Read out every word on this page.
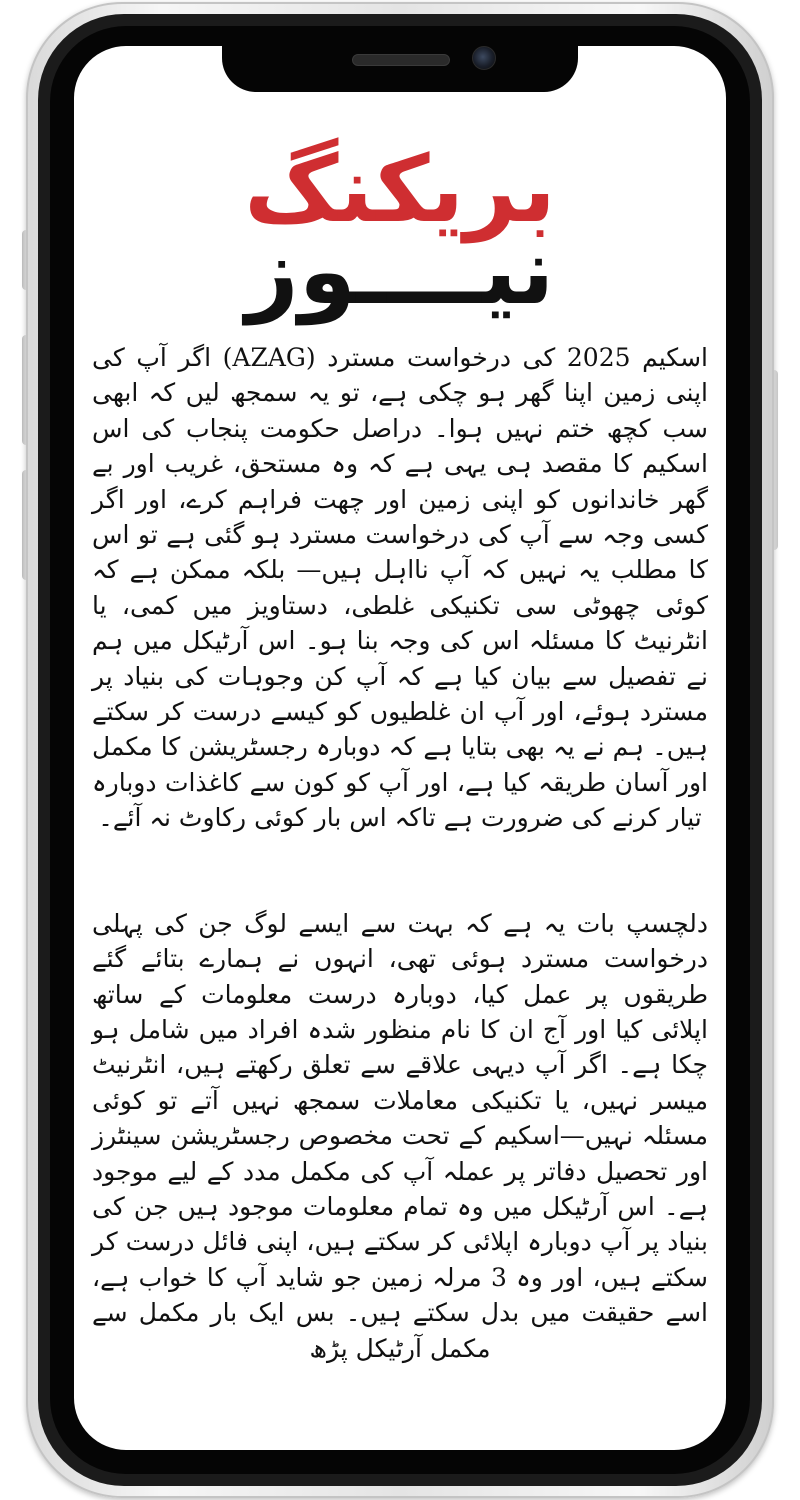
بریکنگ
نیــــوز

اسکیم 2025 کی درخواست مسترد (AZAG) اگر آپ کی اپنی زمین اپنا گھر ہو چکی ہے، تو یہ سمجھ لیں کہ ابھی سب کچھ ختم نہیں ہوا۔ دراصل حکومت پنجاب کی اس اسکیم کا مقصد ہی یہی ہے کہ وہ مستحق، غریب اور بے گھر خاندانوں کو اپنی زمین اور چھت فراہم کرے، اور اگر کسی وجہ سے آپ کی درخواست مسترد ہو گئی ہے تو اس کا مطلب یہ نہیں کہ آپ نااہل ہیں— بلکہ ممکن ہے کہ کوئی چھوٹی سی تکنیکی غلطی، دستاویز میں کمی، یا انٹرنیٹ کا مسئلہ اس کی وجہ بنا ہو۔ اس آرٹیکل میں ہم نے تفصیل سے بیان کیا ہے کہ آپ کن وجوہات کی بنیاد پر مسترد ہوئے، اور آپ ان غلطیوں کو کیسے درست کر سکتے ہیں۔ ہم نے یہ بھی بتایا ہے کہ دوبارہ رجسٹریشن کا مکمل اور آسان طریقہ کیا ہے، اور آپ کو کون سے کاغذات دوبارہ تیار کرنے کی ضرورت ہے تاکہ اس بار کوئی رکاوٹ نہ آئے۔

دلچسپ بات یہ ہے کہ بہت سے ایسے لوگ جن کی پہلی درخواست مسترد ہوئی تھی، انہوں نے ہمارے بتائے گئے طریقوں پر عمل کیا، دوبارہ درست معلومات کے ساتھ اپلائی کیا اور آج ان کا نام منظور شدہ افراد میں شامل ہو چکا ہے۔ اگر آپ دیہی علاقے سے تعلق رکھتے ہیں، انٹرنیٹ میسر نہیں، یا تکنیکی معاملات سمجھ نہیں آتے تو کوئی مسئلہ نہیں—اسکیم کے تحت مخصوص رجسٹریشن سینٹرز اور تحصیل دفاتر پر عملہ آپ کی مکمل مدد کے لیے موجود ہے۔ اس آرٹیکل میں وہ تمام معلومات موجود ہیں جن کی بنیاد پر آپ دوبارہ اپلائی کر سکتے ہیں، اپنی فائل درست کر سکتے ہیں، اور وہ 3 مرلہ زمین جو شاید آپ کا خواب ہے، اسے حقیقت میں بدل سکتے ہیں۔ بس ایک بار مکمل سے مکمل آرٹیکل پڑھ
